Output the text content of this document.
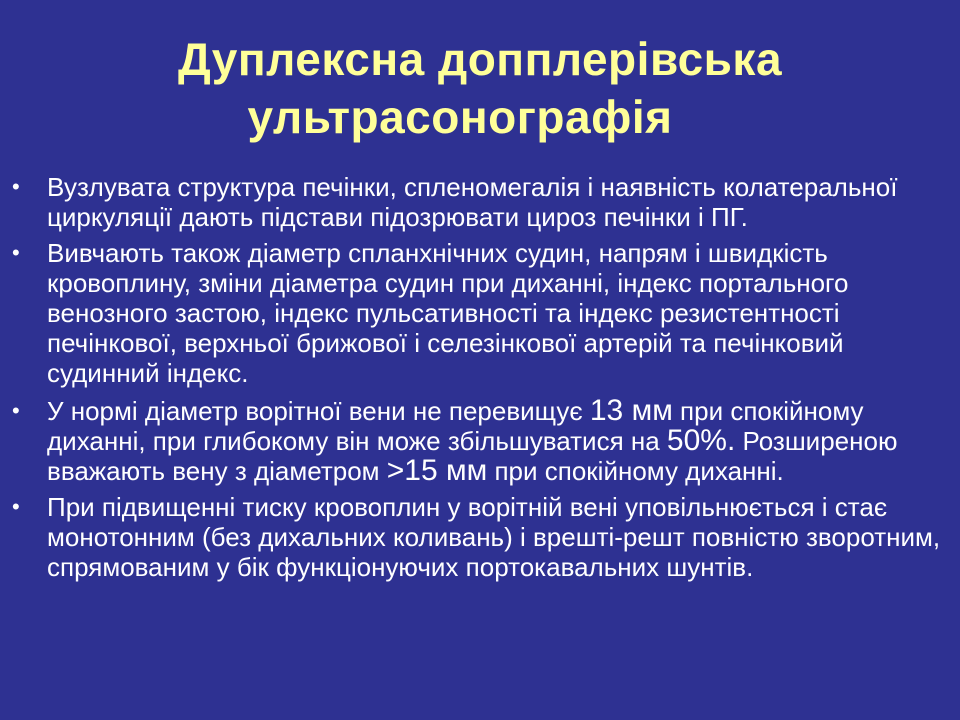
Дуплексна допплерівська
ультрасонографія
• Вузлувата структура печінки, спленомегалія і наявність колатеральної циркуляції дають підстави підозрювати цироз печінки і ПГ.
• Вивчають також діаметр спланхнічних судин, напрям і швидкість кровоплину, зміни діаметра судин при диханні, індекс портального венозного застою, індекс пульсативності та індекс резистентності печінкової, верхньої брижової і селезінкової артерій та печінковий судинний індекс.
• У нормі діаметр ворітної вени не перевищує 13 мм при спокійному диханні, при глибокому він може збільшуватися на 50%. Розширеною вважають вену з діаметром >15 мм при спокійному диханні.
• При підвищенні тиску кровоплин у ворітній вені уповільнюється і стає монотонним (без дихальних коливань) і врешті-решт повністю зворотним, спрямованим у бік функціонуючих портокавальних шунтів.
